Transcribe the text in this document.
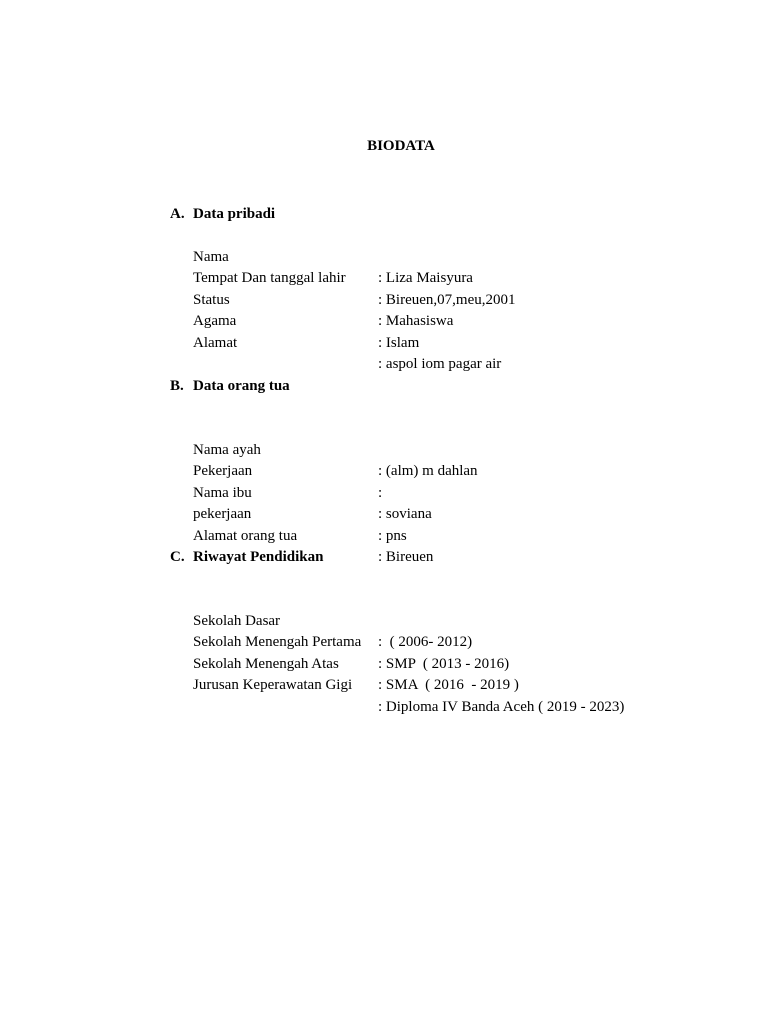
BIODATA
A. Data pribadi

Nama

: Liza Maisyura

Tempat Dan tanggal lahir

: Bireuen,07,meu,2001

Status

: Mahasiswa

Agama

: Islam

Alamat

: aspol iom pagar air

B. Data orang tua

Nama ayah

: (alm) m dahlan

Pekerjaan

:

Nama ibu

: soviana

pekerjaan

: pns

Alamat orang tua

: Bireuen

C. Riwayat Pendidikan

Sekolah Dasar

:  ( 2006- 2012)

Sekolah Menengah Pertama

: SMP  ( 2013 - 2016)

Sekolah Menengah Atas

: SMA  ( 2016  - 2019 )

Jurusan Keperawatan Gigi

: Diploma IV Banda Aceh ( 2019 - 2023)
